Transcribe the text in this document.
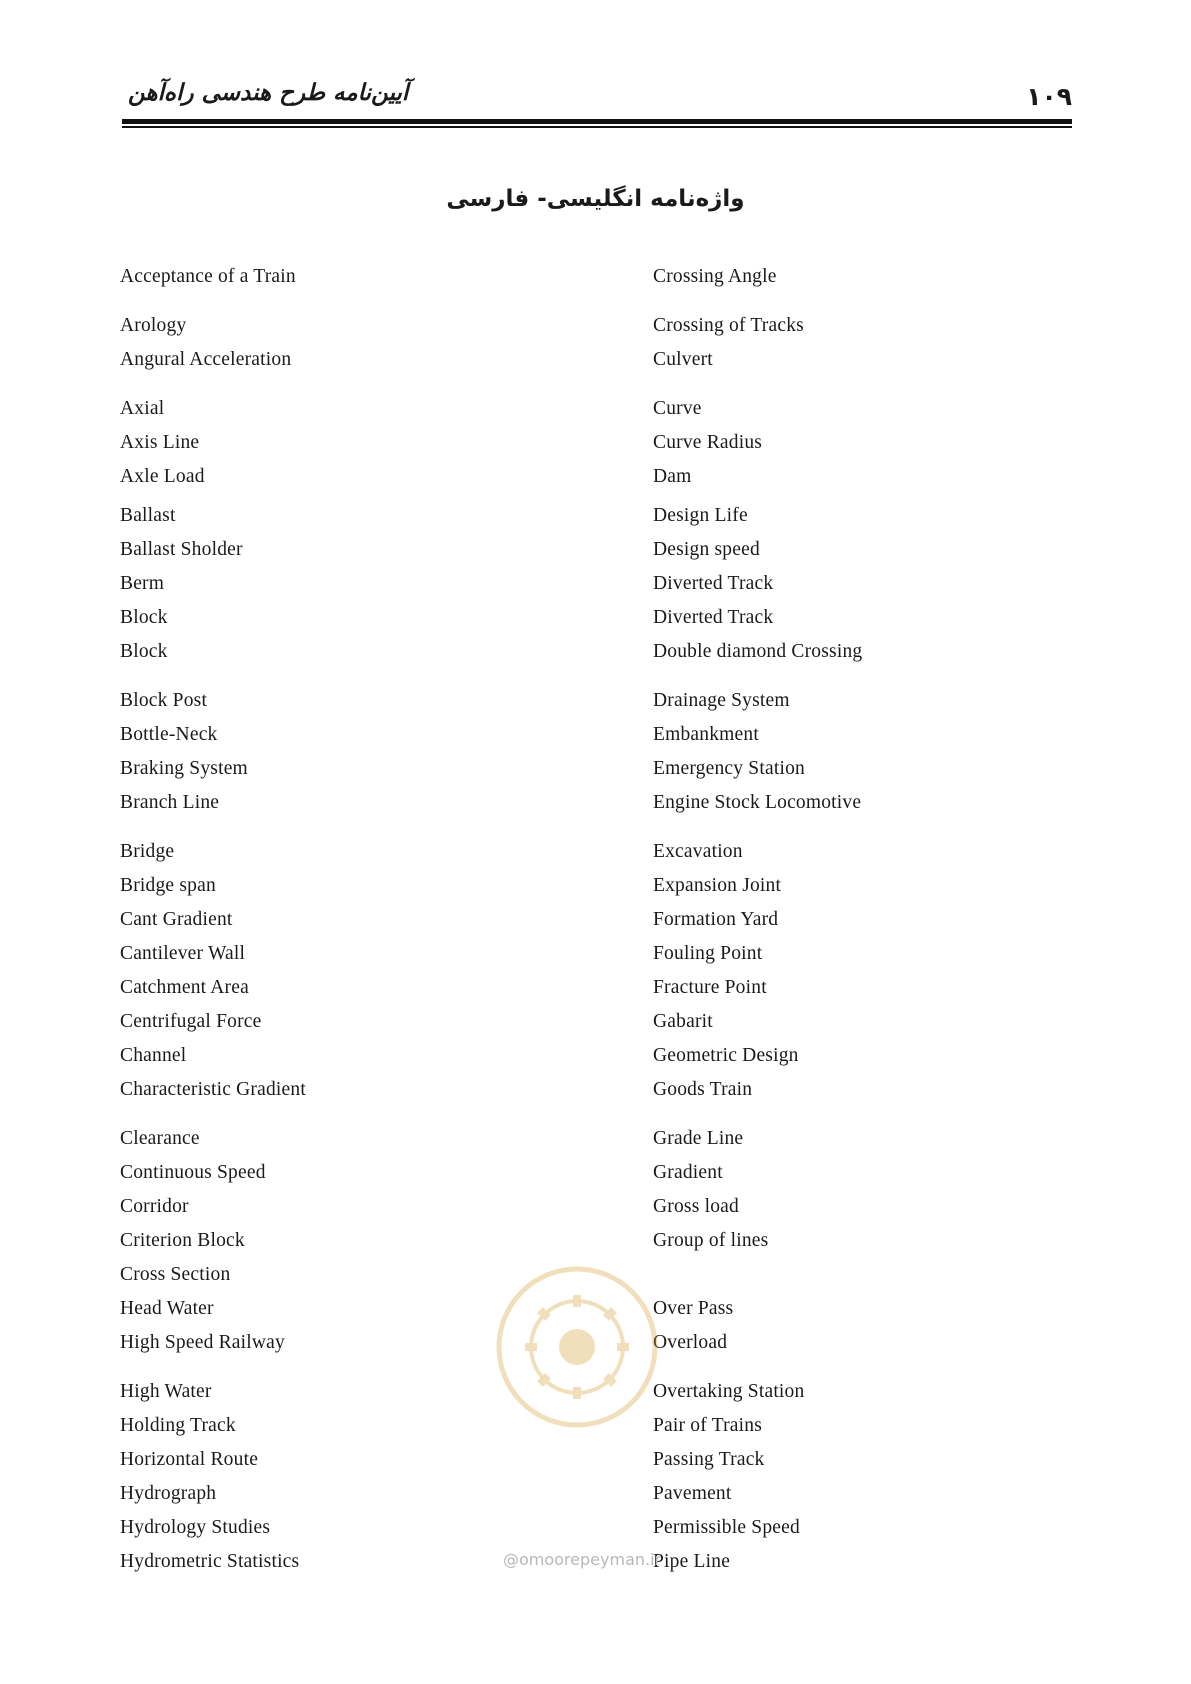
۱۰۹
آیین‌نامه طرح هندسی راه‌آهن
واژه‌نامه انگلیسی- فارسی
Acceptance of a Train
Arology
Angural Acceleration
Axial
Axis Line
Axle Load
Ballast
Ballast Sholder
Berm
Block
Block
Block Post
Bottle-Neck
Braking System
Branch Line
Bridge
Bridge span
Cant Gradient
Cantilever Wall
Catchment Area
Centrifugal Force
Channel
Characteristic Gradient
Clearance
Continuous Speed
Corridor
Criterion Block
Cross Section
Head Water
High Speed Railway
High Water
Holding Track
Horizontal Route
Hydrograph
Hydrology Studies
Hydrometric Statistics
Crossing Angle
Crossing of Tracks
Culvert
Curve
Curve Radius
Dam
Design Life
Design speed
Diverted Track
Diverted Track
Double diamond Crossing
Drainage System
Embankment
Emergency Station
Engine Stock Locomotive
Excavation
Expansion Joint
Formation Yard
Fouling Point
Fracture Point
Gabarit
Geometric Design
Goods Train
Grade Line
Gradient
Gross load
Group of lines
Over Pass
Overload
Overtaking Station
Pair of Trains
Passing Track
Pavement
Permissible Speed
Pipe Line
@omoorepeyman.ir
